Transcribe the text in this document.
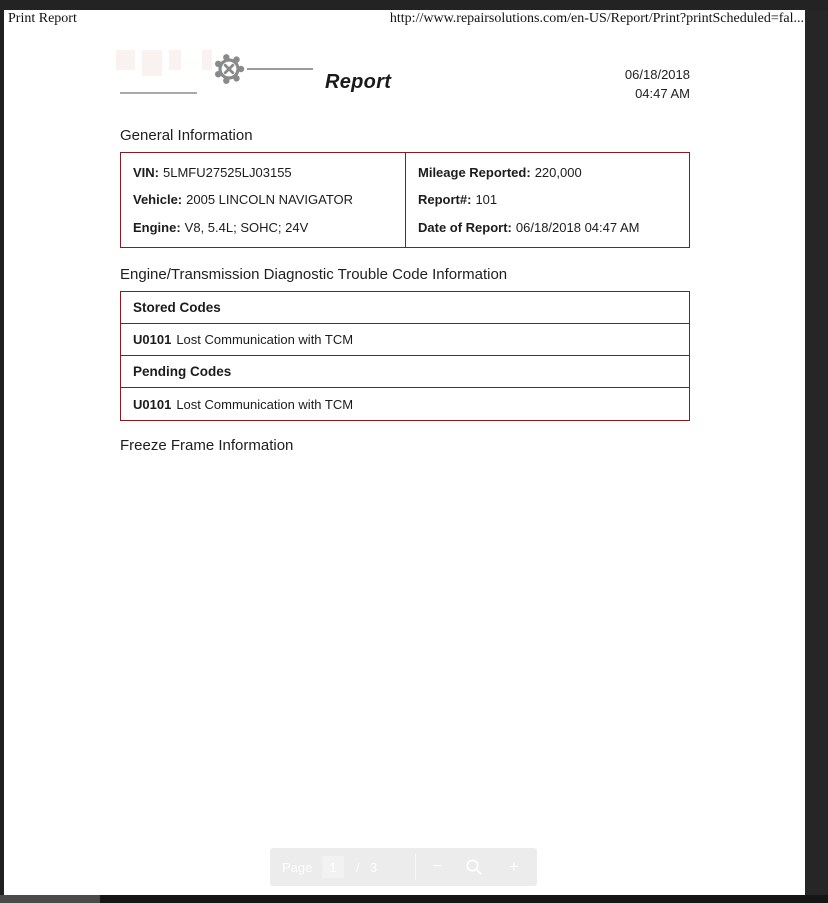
Print Report	http://www.repairsolutions.com/en-US/Report/Print?printScheduled=fal...
Report	06/18/2018
04:47 AM
General Information
VIN: 5LMFU27525LJ03155
Vehicle: 2005 LINCOLN NAVIGATOR
Engine: V8, 5.4L; SOHC; 24V
Mileage Reported: 220,000
Report#: 101
Date of Report: 06/18/2018 04:47 AM
Engine/Transmission Diagnostic Trouble Code Information
Stored Codes
U0101 Lost Communication with TCM
Pending Codes
U0101 Lost Communication with TCM
Freeze Frame Information
Page	1	/ 3	−	+
